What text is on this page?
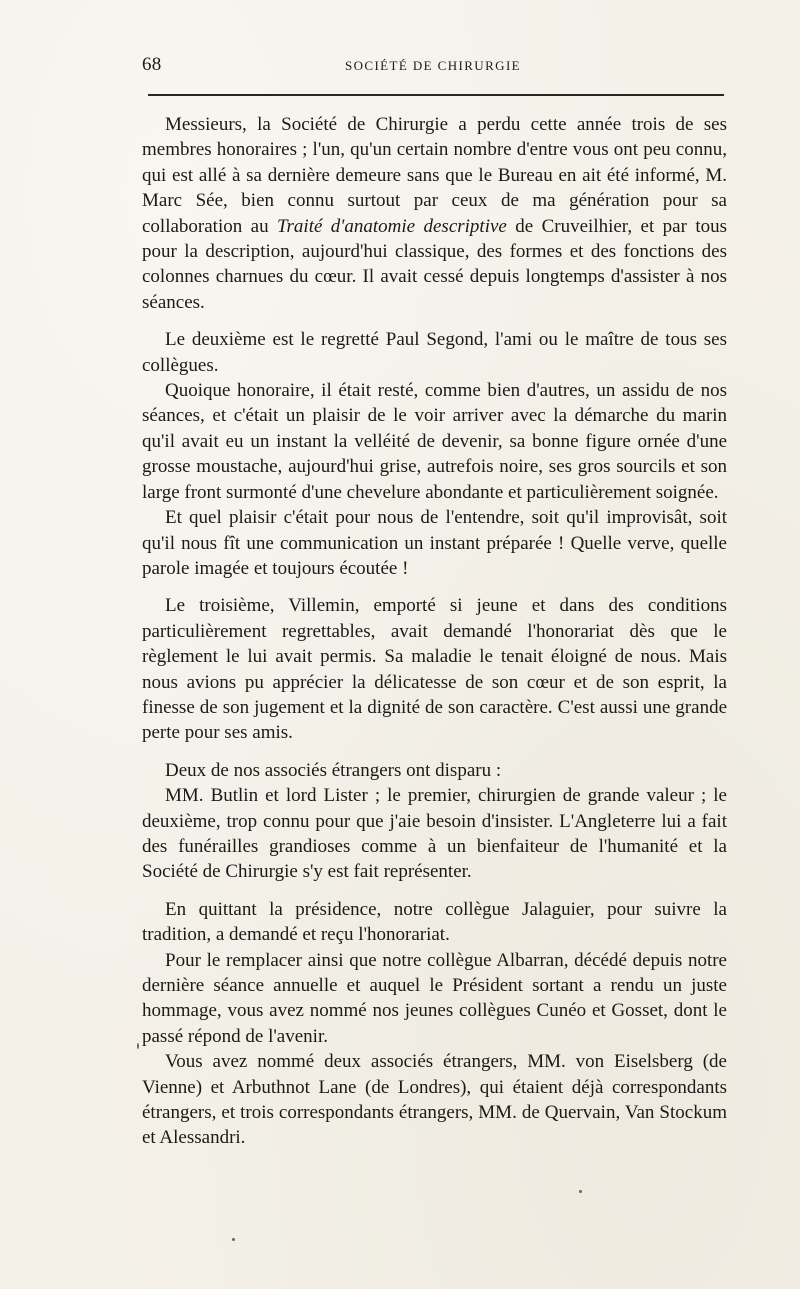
68	SOCIÉTÉ DE CHIRURGIE

Messieurs, la Société de Chirurgie a perdu cette année trois de ses membres honoraires ; l'un, qu'un certain nombre d'entre vous ont peu connu, qui est allé à sa dernière demeure sans que le Bureau en ait été informé, M. Marc Sée, bien connu surtout par ceux de ma génération pour sa collaboration au Traité d'anatomie descriptive de Cruveilhier, et par tous pour la description, aujourd'hui classique, des formes et des fonctions des colonnes charnues du cœur. Il avait cessé depuis longtemps d'assister à nos séances.

Le deuxième est le regretté Paul Segond, l'ami ou le maître de tous ses collègues.

Quoique honoraire, il était resté, comme bien d'autres, un assidu de nos séances, et c'était un plaisir de le voir arriver avec la démarche du marin qu'il avait eu un instant la velléité de devenir, sa bonne figure ornée d'une grosse moustache, aujourd'hui grise, autrefois noire, ses gros sourcils et son large front surmonté d'une chevelure abondante et particulièrement soignée.

Et quel plaisir c'était pour nous de l'entendre, soit qu'il improvisât, soit qu'il nous fît une communication un instant préparée ! Quelle verve, quelle parole imagée et toujours écoutée !

Le troisième, Villemin, emporté si jeune et dans des conditions particulièrement regrettables, avait demandé l'honorariat dès que le règlement le lui avait permis. Sa maladie le tenait éloigné de nous. Mais nous avions pu apprécier la délicatesse de son cœur et de son esprit, la finesse de son jugement et la dignité de son caractère. C'est aussi une grande perte pour ses amis.

Deux de nos associés étrangers ont disparu :

MM. Butlin et lord Lister ; le premier, chirurgien de grande valeur ; le deuxième, trop connu pour que j'aie besoin d'insister. L'Angleterre lui a fait des funérailles grandioses comme à un bienfaiteur de l'humanité et la Société de Chirurgie s'y est fait représenter.

En quittant la présidence, notre collègue Jalaguier, pour suivre la tradition, a demandé et reçu l'honorariat.

Pour le remplacer ainsi que notre collègue Albarran, décédé depuis notre dernière séance annuelle et auquel le Président sortant a rendu un juste hommage, vous avez nommé nos jeunes collègues Cunéo et Gosset, dont le passé répond de l'avenir.

Vous avez nommé deux associés étrangers, MM. von Eiselsberg (de Vienne) et Arbuthnot Lane (de Londres), qui étaient déjà correspondants étrangers, et trois correspondants étrangers, MM. de Quervain, Van Stockum et Alessandri.
